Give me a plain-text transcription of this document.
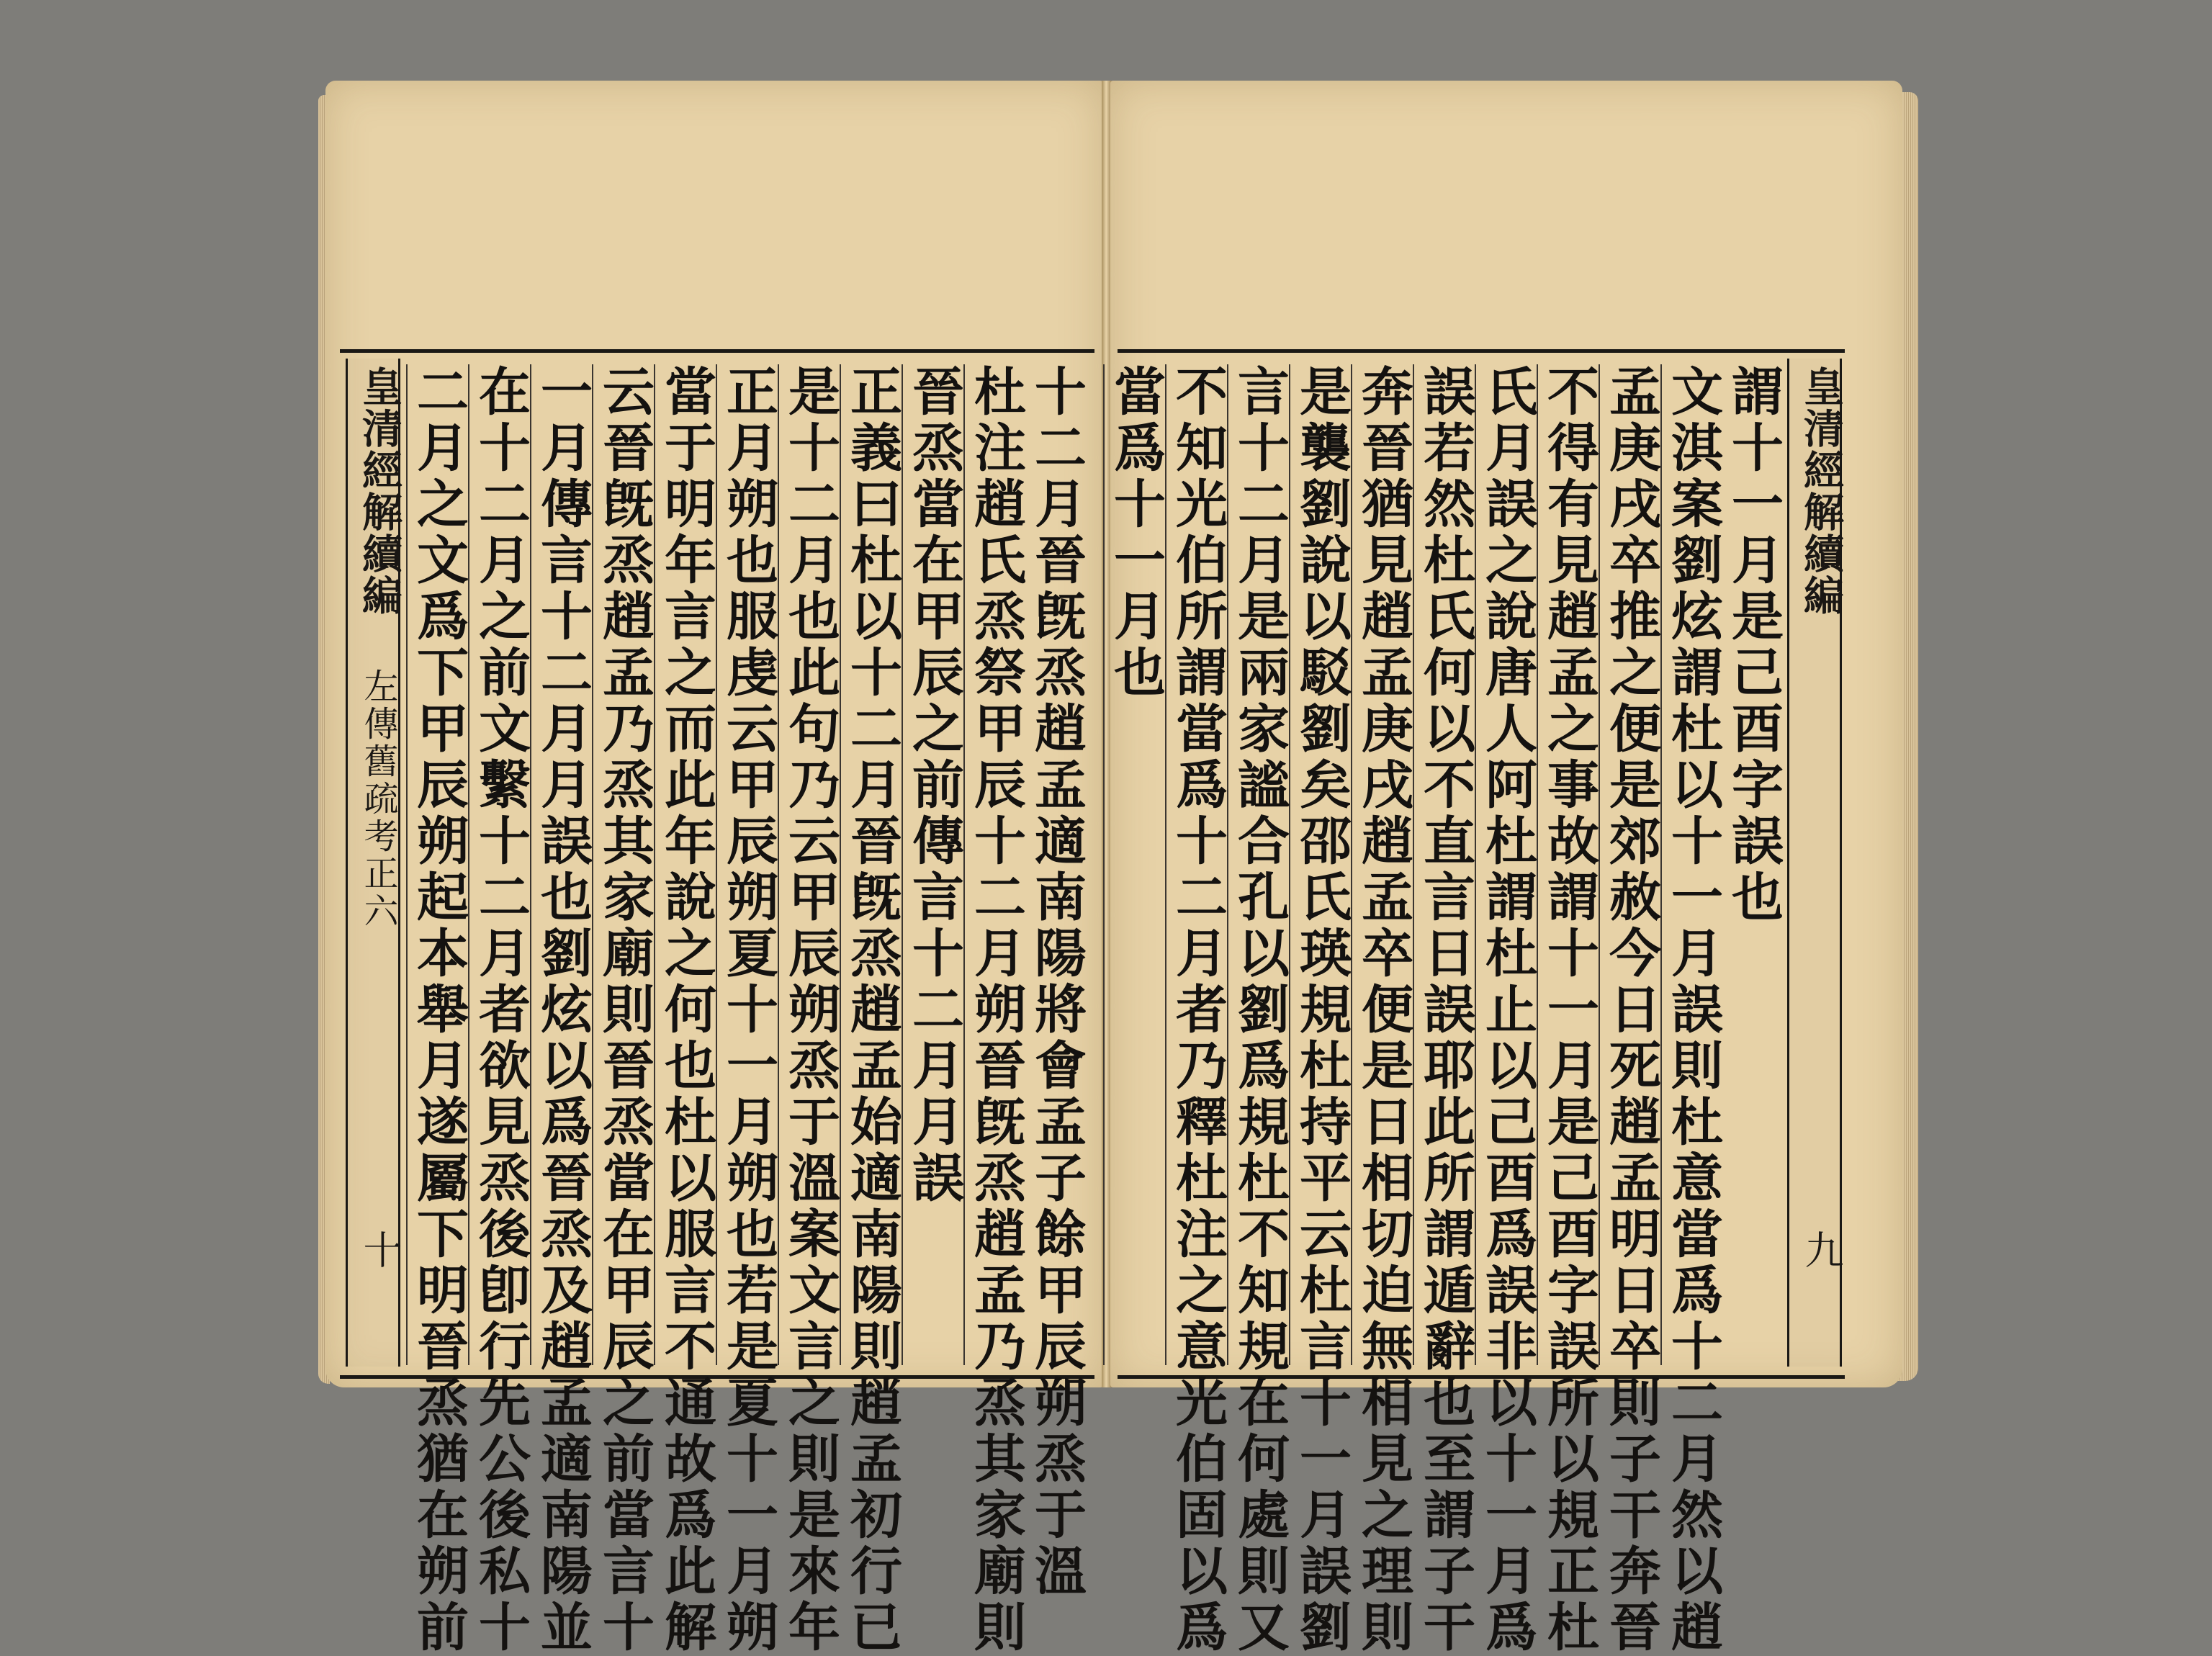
十二月晉旣烝趙孟適南陽將會孟子餘甲辰朔烝于溫
杜注趙氏烝祭甲辰十二月朔晉旣烝趙孟乃烝其家廟則
晉烝當在甲辰之前傳言十二月月誤
正義曰杜以十二月晉旣烝趙孟始適南陽則趙孟初行已
是十二月也此句乃云甲辰朔烝于溫案文言之則是來年
正月朔也服虔云甲辰朔夏十一月朔也若是夏十一月朔
當于明年言之而此年說之何也杜以服言不通故爲此解
云晉旣烝趙孟乃烝其家廟則晉烝當在甲辰之前當言十
一月傳言十二月月誤也劉炫以爲晉烝及趙孟適南陽並
在十二月之前文繫十二月者欲見烝後卽行先公後私十
二月之文爲下甲辰朔起本舉月遂屬下明晉烝猶在朔前
皇清經解續編
左傳舊疏考正六
十
皇清經解續編
九
謂十一月是己酉字誤也
文淇案劉炫謂杜以十一月誤則杜意當爲十二月然以趙
孟庚戌卒推之便是郊赦今日死趙孟明日卒則子干奔晉
不得有見趙孟之事故謂十一月是己酉字誤所以規正杜
氏月誤之說唐人阿杜謂杜止以己酉爲誤非以十一月爲
誤若然杜氏何以不直言日誤耶此所謂遁辭也至謂子干
奔晉猶見趙孟庚戌趙孟卒便是日相切迫無相見之理則
是襲劉說以駁劉矣邵氏瑛規杜持平云杜言十一月誤劉
言十二月是兩家謐合孔以劉爲規杜不知規在何處則又
不知光伯所謂當爲十二月者乃釋杜注之意光伯固以爲
當爲十一月也
